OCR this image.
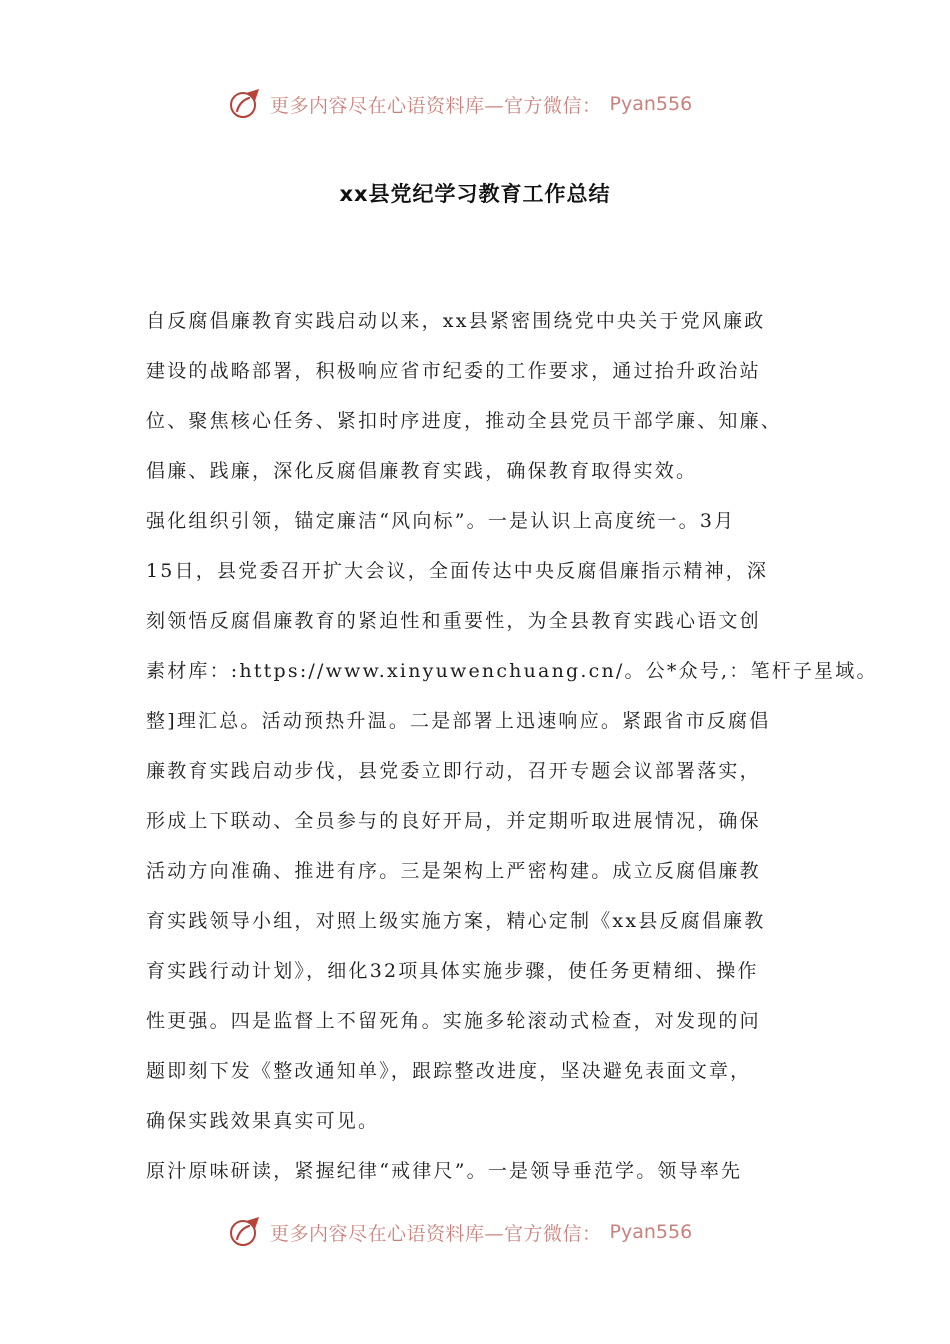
更多内容尽在心语资料库—官方微信： Pyan556
xx县党纪学习教育工作总结

自反腐倡廉教育实践启动以来，xx县紧密围绕党中央关于党风廉政
建设的战略部署，积极响应省市纪委的工作要求，通过抬升政治站
位、聚焦核心任务、紧扣时序进度，推动全县党员干部学廉、知廉、
倡廉、践廉，深化反腐倡廉教育实践，确保教育取得实效。

强化组织引领，锚定廉洁“风向标”。一是认识上高度统一。3月
15日，县党委召开扩大会议，全面传达中央反腐倡廉指示精神，深
刻领悟反腐倡廉教育的紧迫性和重要性，为全县教育实践心语文创
素材库：:https://www.xinyuwenchuang.cn/。公*众号,：笔杆子星域。
整]理汇总。活动预热升温。二是部署上迅速响应。紧跟省市反腐倡
廉教育实践启动步伐，县党委立即行动，召开专题会议部署落实，
形成上下联动、全员参与的良好开局，并定期听取进展情况，确保
活动方向准确、推进有序。三是架构上严密构建。成立反腐倡廉教
育实践领导小组，对照上级实施方案，精心定制《xx县反腐倡廉教
育实践行动计划》，细化32项具体实施步骤，使任务更精细、操作
性更强。四是监督上不留死角。实施多轮滚动式检查，对发现的问
题即刻下发《整改通知单》，跟踪整改进度，坚决避免表面文章，
确保实践效果真实可见。

原汁原味研读，紧握纪律“戒律尺”。一是领导垂范学。领导率先

更多内容尽在心语资料库—官方微信： Pyan556
